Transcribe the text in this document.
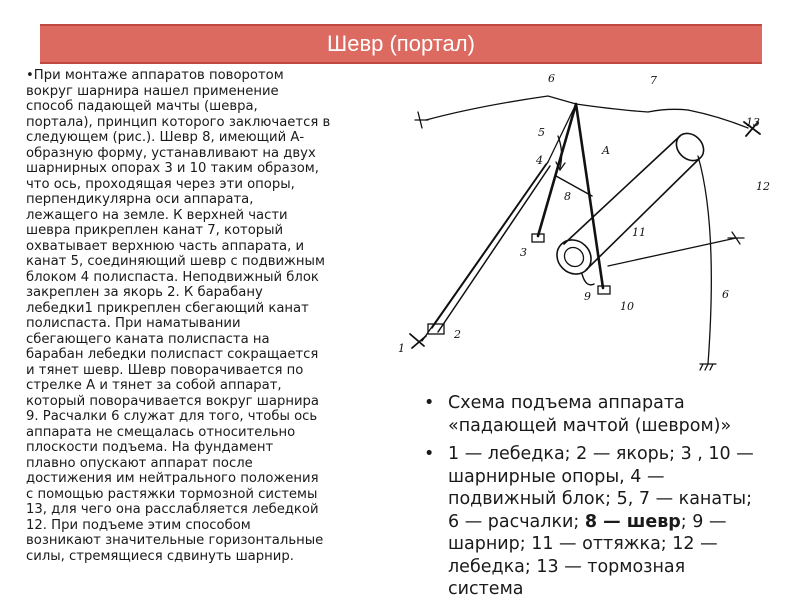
Шевр (портал)
•При монтаже аппаратов поворотом
вокруг шарнира нашел применение
способ падающей мачты (шевра,
портала), принцип которого заключается в
следующем (рис.). Шевр 8, имеющий А-
образную форму, устанавливают на двух
шарнирных опорах 3 и 10 таким образом,
что ось, проходящая через эти опоры,
перпендикулярна оси аппарата,
лежащего на земле. К верхней части
шевра прикреплен канат 7, который
охватывает верхнюю часть аппарата, и
канат 5, соединяющий шевр с подвижным
блоком 4 полиспаста. Неподвижный блок
закреплен за якорь 2. К барабану
лебедки1 прикреплен сбегающий канат
полиспаста. При наматывании
сбегающего каната полиспаста на
барабан лебедки полиспаст сокращается
и тянет шевр. Шевр поворачивается по
стрелке А и тянет за собой аппарат,
который поворачивается вокруг шарнира
9. Расчалки 6 служат для того, чтобы ось
аппарата не смещалась относительно
плоскости подъема. На фундамент
плавно опускают аппарат после
достижения им нейтрального положения
с помощью растяжки тормозной системы
13, для чего она расслабляется лебедкой
12. При подъеме этим способом
возникают значительные горизонтальные
силы, стремящиеся сдвинуть шарнир.
1
2
3
4
5
6
6
7
8
9
10
11
12
13
A
• Схема подъема аппарата «падающей мачтой (шевром)»
• 1 — лебедка; 2 — якорь; 3 , 10 — шарнирные опоры, 4 — подвижный блок; 5, 7 — канаты; 6 — расчалки; 8 — шевр; 9 —шарнир; 11 — оттяжка; 12 — лебедка; 13 — тормозная система
